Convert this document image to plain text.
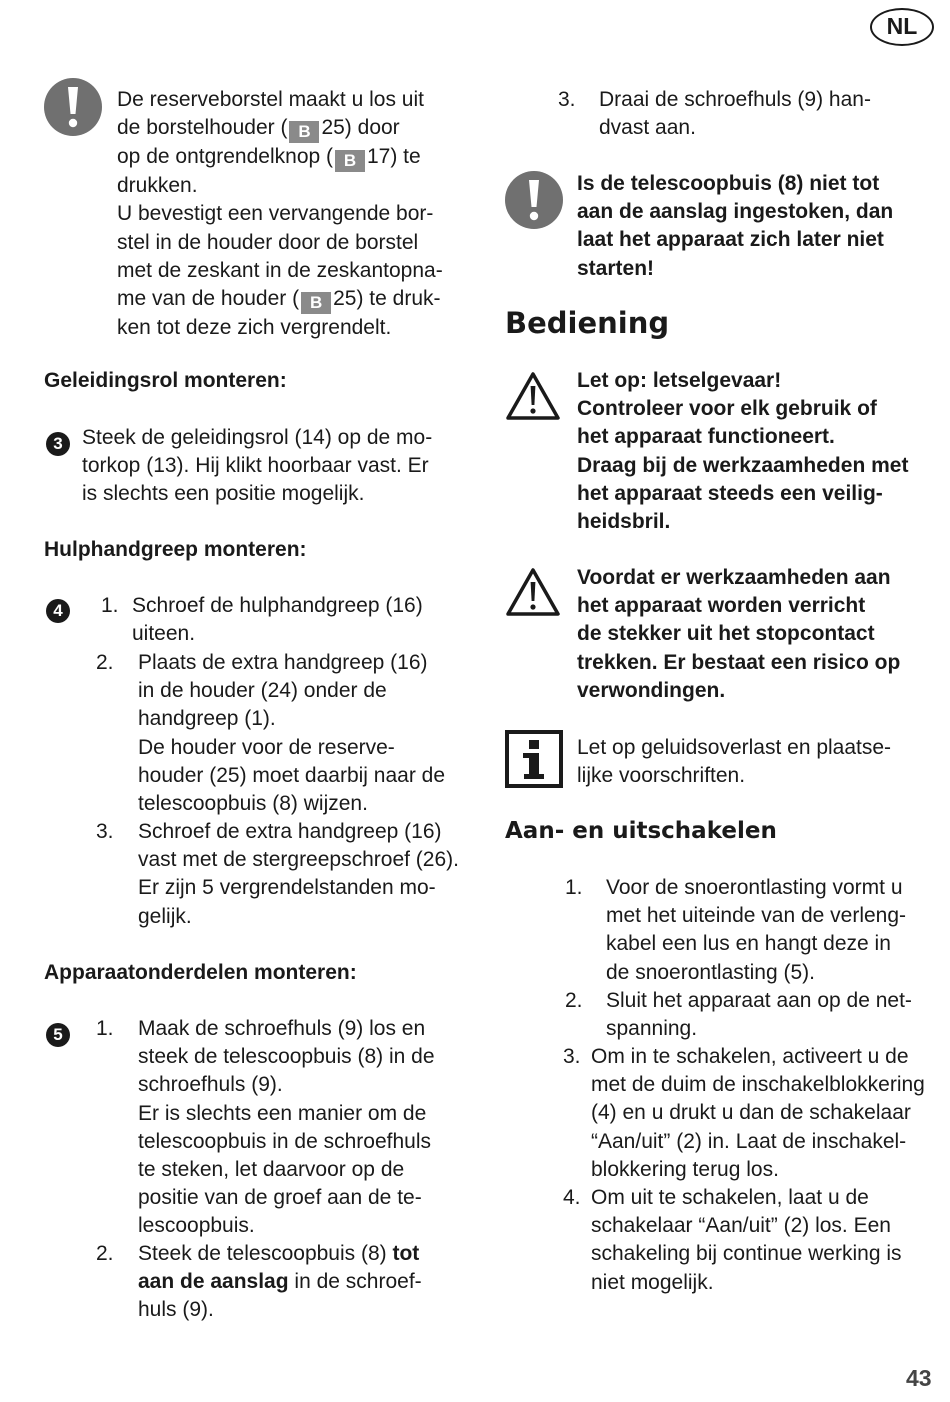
NL
De reserveborstel maakt u los uit
de borstelhouder ( B 25) door
op de ontgrendelknop ( B 17) te
drukken.
U bevestigt een vervangende bor-
stel in de houder door de borstel
met de zeskant in de zeskantopna-
me van de houder ( B 25) te druk-
ken tot deze zich vergrendelt.
Geleidingsrol monteren:
3 Steek de geleidingsrol (14) op de mo-
torkop (13). Hij klikt hoorbaar vast. Er
is slechts een positie mogelijk.
Hulphandgreep monteren:
4	1. Schroef de hulphandgreep (16)
uiteen.
2. Plaats de extra handgreep (16)
in de houder (24) onder de
handgreep (1).
De houder voor de reserve-
houder (25) moet daarbij naar de
telescoopbuis (8) wijzen.
3. Schroef de extra handgreep (16)
vast met de stergreepschroef (26).
Er zijn 5 vergrendelstanden mo-
gelijk.
Apparaatonderdelen monteren:
5	1. Maak de schroefhuls (9) los en
steek de telescoopbuis (8) in de
schroefhuls (9).
Er is slechts een manier om de
telescoopbuis in de schroefhuls
te steken, let daarvoor op de
positie van de groef aan de te-
lescoopbuis.
2. Steek de telescoopbuis (8) tot
aan de aanslag in de schroef-
huls (9).
3. Draai de schroefhuls (9) han-
dvast aan.
Is de telescoopbuis (8) niet tot
aan de aanslag ingestoken, dan
laat het apparaat zich later niet
starten!
Bediening
Let op: letselgevaar!
Controleer voor elk gebruik of
het apparaat functioneert.
Draag bij de werkzaamheden met
het apparaat steeds een veilig-
heidsbril.
Voordat er werkzaamheden aan
het apparaat worden verricht
de stekker uit het stopcontact
trekken. Er bestaat een risico op
verwondingen.
Let op geluidsoverlast en plaatse-
lijke voorschriften.
Aan- en uitschakelen
1. Voor de snoerontlasting vormt u
met het uiteinde van de verleng-
kabel een lus en hangt deze in
de snoerontlasting (5).
2. Sluit het apparaat aan op de net-
spanning.
3. Om in te schakelen, activeert u de
met de duim de inschakelblokkering
(4) en u drukt u dan de schakelaar
“Aan/uit” (2) in. Laat de inschakel-
blokkering terug los.
4. Om uit te schakelen, laat u de
schakelaar “Aan/uit” (2) los. Een
schakeling bij continue werking is
niet mogelijk.
43
